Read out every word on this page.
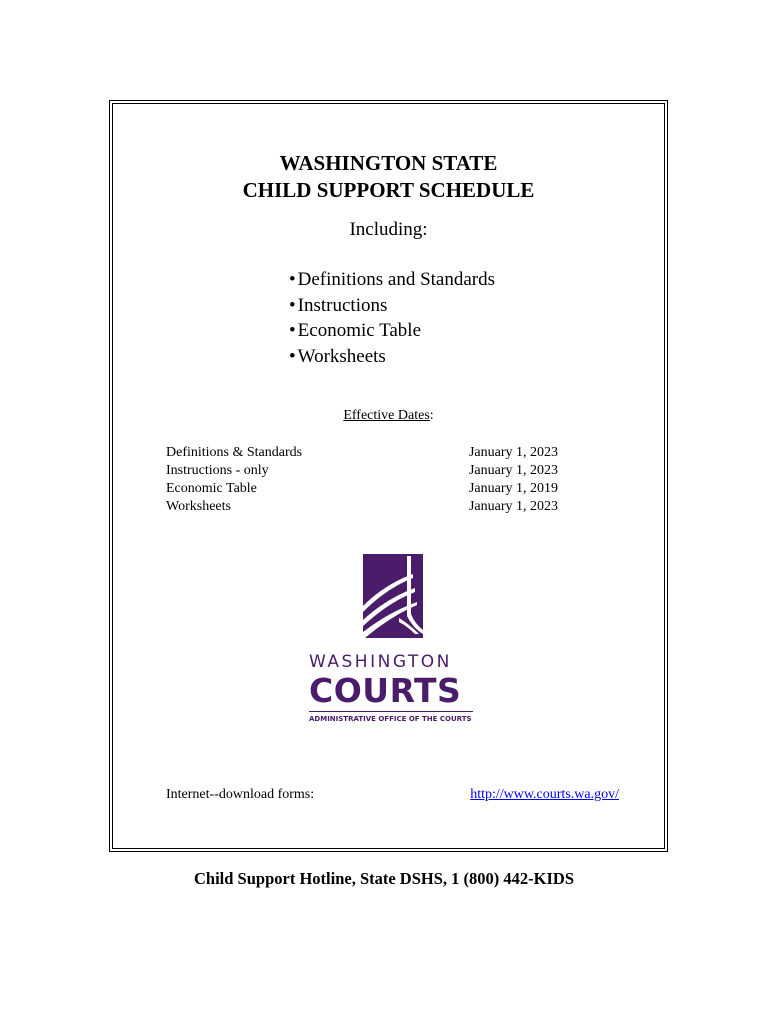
WASHINGTON STATE
CHILD SUPPORT SCHEDULE
Including:
• Definitions and Standards
• Instructions
• Economic Table
• Worksheets
Effective Dates:
Definitions & Standards	January 1, 2023
Instructions - only	January 1, 2023
Economic Table	January 1, 2019
Worksheets	January 1, 2023
WASHINGTON
COURTS
ADMINISTRATIVE OFFICE OF THE COURTS
Internet--download forms:	http://www.courts.wa.gov/
Child Support Hotline, State DSHS, 1 (800) 442-KIDS
